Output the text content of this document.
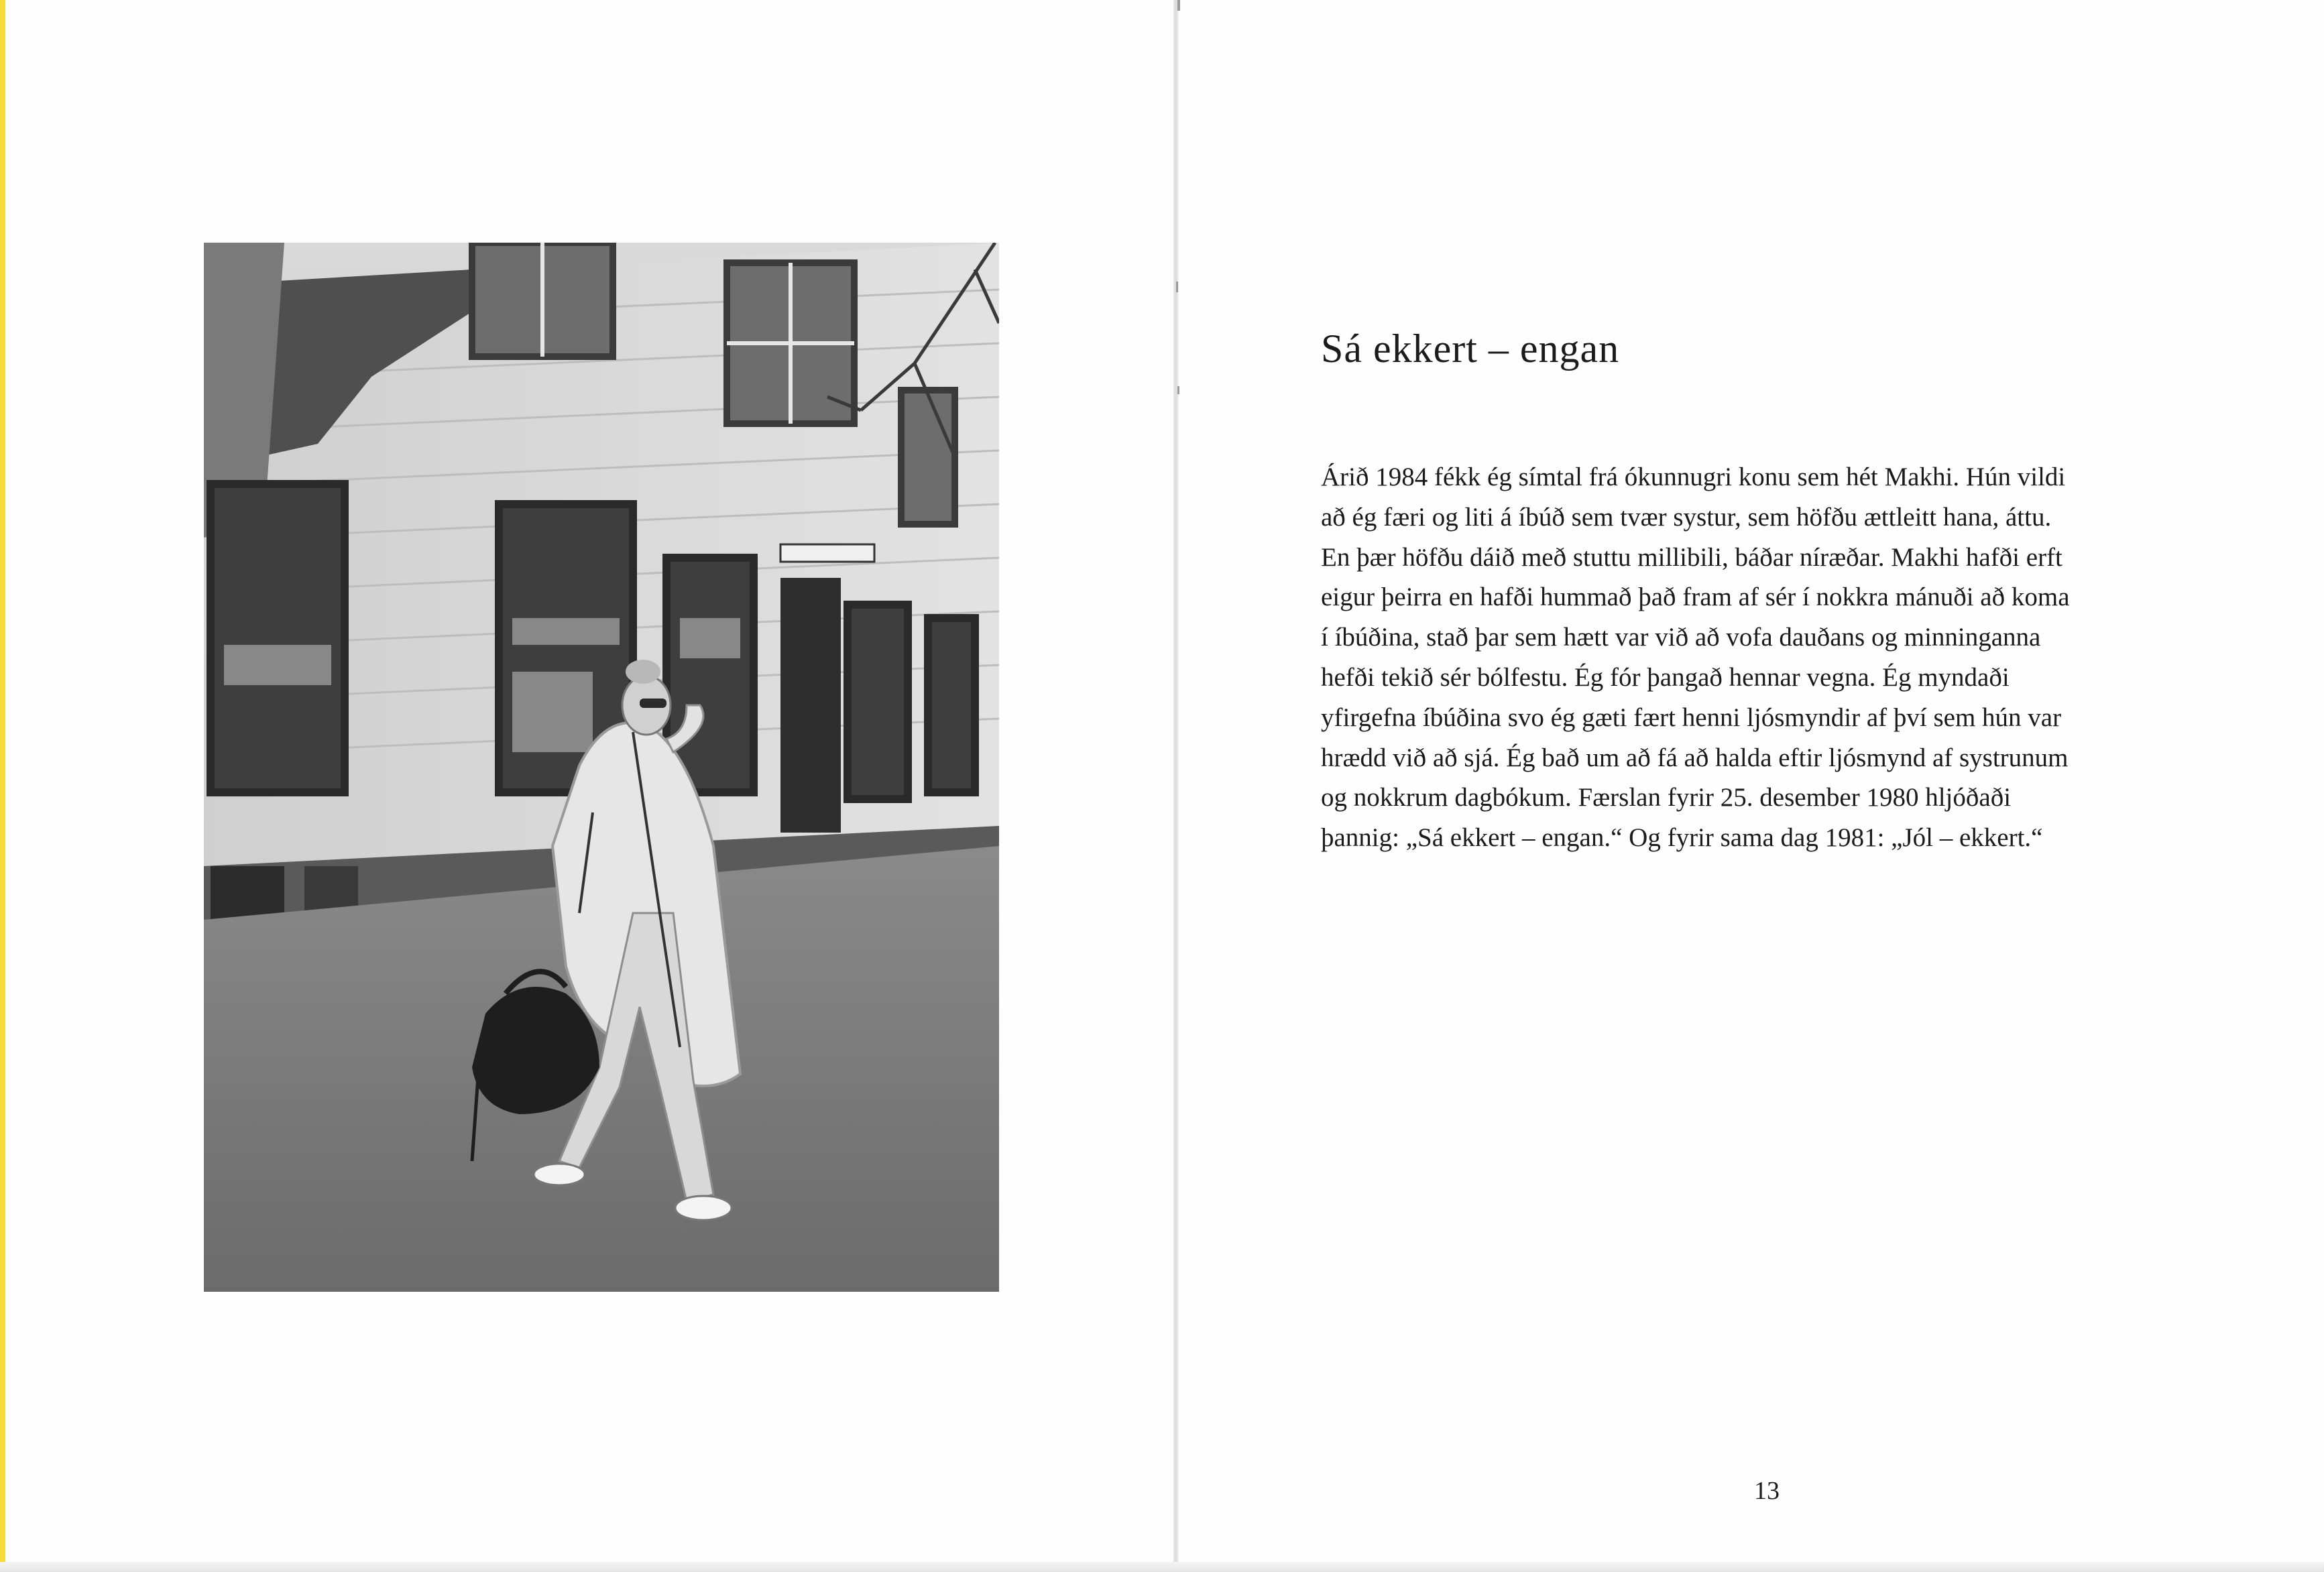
Sá ekkert – engan
Árið 1984 fékk ég símtal frá ókunnugri konu sem hét Makhi. Hún vildi
að ég færi og liti á íbúð sem tvær systur, sem höfðu ættleitt hana, áttu.
En þær höfðu dáið með stuttu millibili, báðar níræðar. Makhi hafði erft
eigur þeirra en hafði hummað það fram af sér í nokkra mánuði að koma
í íbúðina, stað þar sem hætt var við að vofa dauðans og minninganna
hefði tekið sér bólfestu. Ég fór þangað hennar vegna. Ég myndaði
yfirgefna íbúðina svo ég gæti fært henni ljósmyndir af því sem hún var
hrædd við að sjá. Ég bað um að fá að halda eftir ljósmynd af systrunum
og nokkrum dagbókum. Færslan fyrir 25. desember 1980 hljóðaði
þannig: „Sá ekkert – engan.“ Og fyrir sama dag 1981: „Jól – ekkert.“
13
